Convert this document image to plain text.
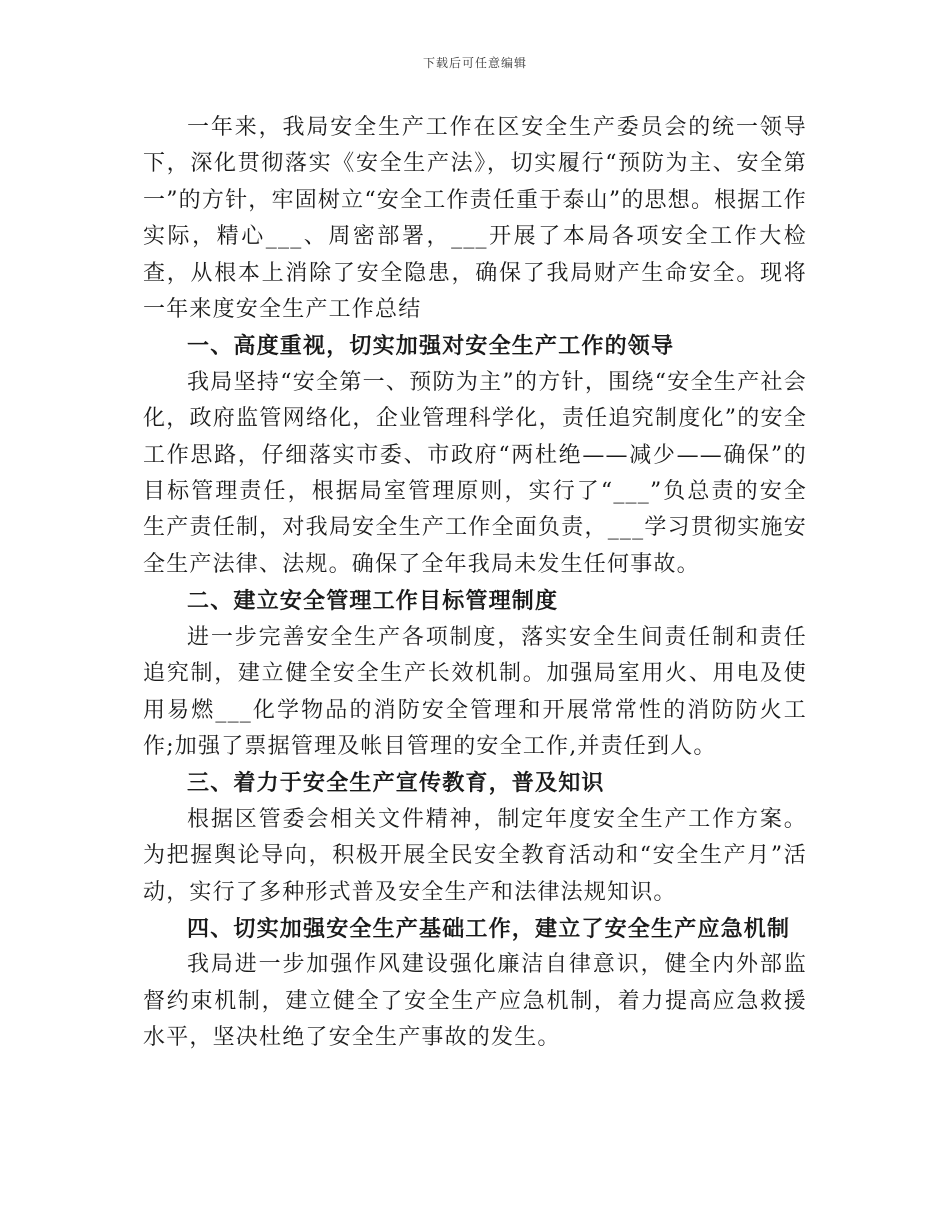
下载后可任意编辑

一年来，我局安全生产工作在区安全生产委员会的统一领导下，深化贯彻落实《安全生产法》，切实履行“预防为主、安全第一”的方针，牢固树立“安全工作责任重于泰山”的思想。根据工作实际，精心___、周密部署，___开展了本局各项安全工作大检查，从根本上消除了安全隐患，确保了我局财产生命安全。现将一年来度安全生产工作总结

一、高度重视，切实加强对安全生产工作的领导

我局坚持“安全第一、预防为主”的方针，围绕“安全生产社会化，政府监管网络化，企业管理科学化，责任追究制度化”的安全工作思路，仔细落实市委、市政府“两杜绝——减少——确保”的目标管理责任，根据局室管理原则，实行了“___”负总责的安全生产责任制，对我局安全生产工作全面负责，___学习贯彻实施安全生产法律、法规。确保了全年我局未发生任何事故。

二、建立安全管理工作目标管理制度

进一步完善安全生产各项制度，落实安全生间责任制和责任追究制，建立健全安全生产长效机制。加强局室用火、用电及使用易燃___化学物品的消防安全管理和开展常常性的消防防火工作;加强了票据管理及帐目管理的安全工作,并责任到人。

三、着力于安全生产宣传教育，普及知识

根据区管委会相关文件精神，制定年度安全生产工作方案。为把握舆论导向，积极开展全民安全教育活动和“安全生产月”活动，实行了多种形式普及安全生产和法律法规知识。

四、切实加强安全生产基础工作，建立了安全生产应急机制

我局进一步加强作风建设强化廉洁自律意识，健全内外部监督约束机制，建立健全了安全生产应急机制，着力提高应急救援水平，坚决杜绝了安全生产事故的发生。
